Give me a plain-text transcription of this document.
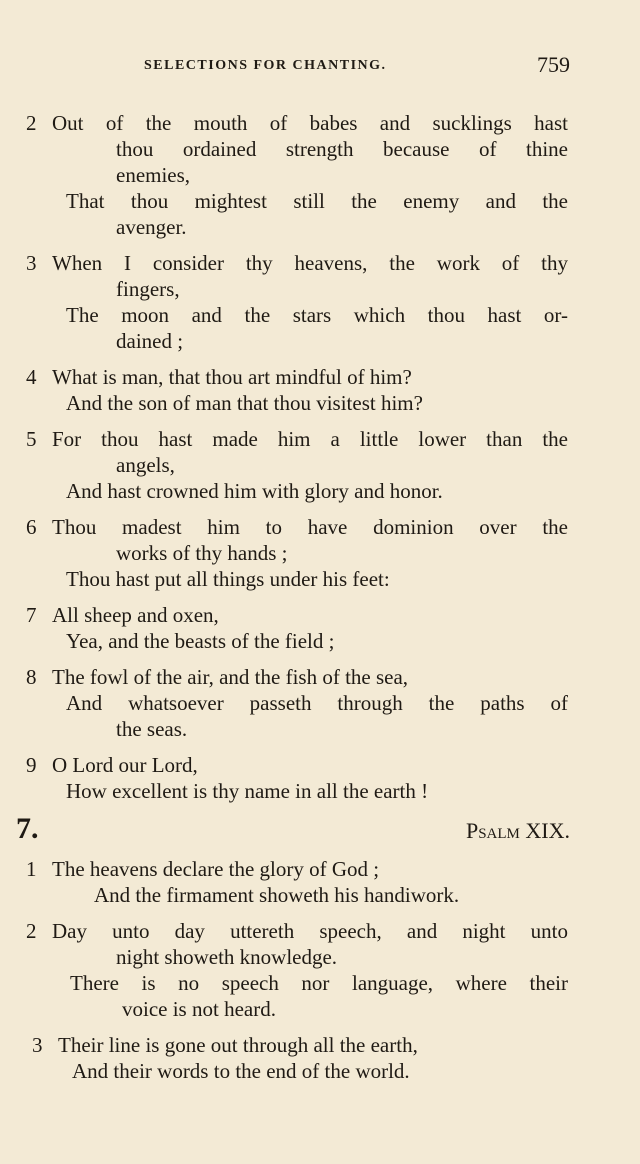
SELECTIONS FOR CHANTING.	759
2 Out of the mouth of babes and sucklings hast
thou ordained strength because of thine
enemies,
That thou mightest still the enemy and the
avenger.
3 When I consider thy heavens, the work of thy
fingers,
The moon and the stars which thou hast or-
dained ;
4 What is man, that thou art mindful of him?
And the son of man that thou visitest him?
5 For thou hast made him a little lower than the
angels,
And hast crowned him with glory and honor.
6 Thou madest him to have dominion over the
works of thy hands ;
Thou hast put all things under his feet:
7 All sheep and oxen,
Yea, and the beasts of the field ;
8 The fowl of the air, and the fish of the sea,
And whatsoever passeth through the paths of
the seas.
9 O Lord our Lord,
How excellent is thy name in all the earth !
7.	Psalm XIX.
1 The heavens declare the glory of God ;
And the firmament showeth his handiwork.
2 Day unto day uttereth speech, and night unto
night showeth knowledge.
There is no speech nor language, where their
voice is not heard.
3 Their line is gone out through all the earth,
And their words to the end of the world.
